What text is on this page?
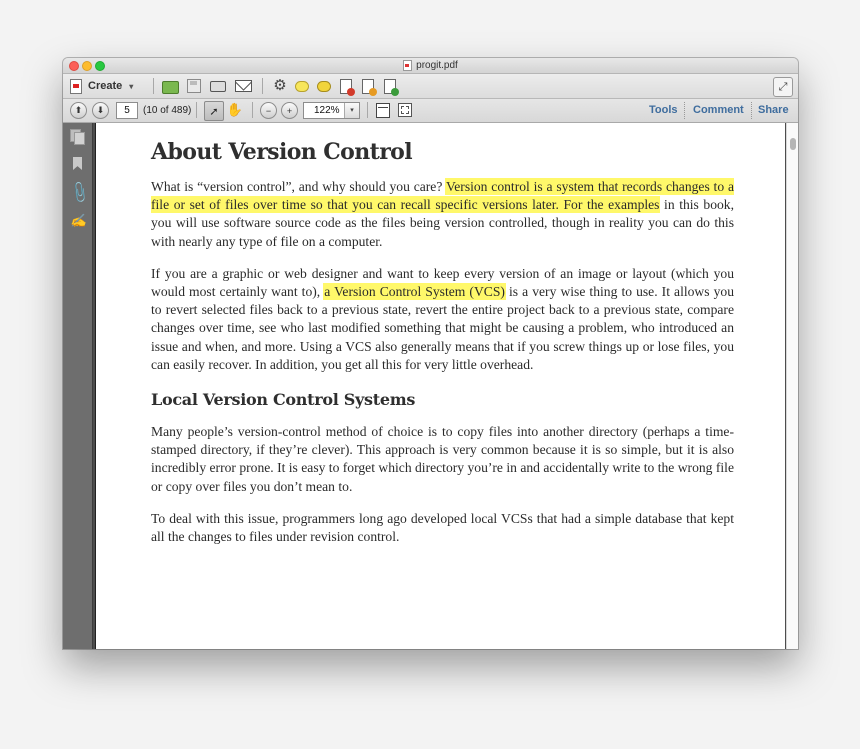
progit.pdf
Create ▾	⚙	⤢
⬆ ⬇	5	(10 of 489) ➚ ✋	− + 122%	▾	Tools Comment Share
📎
✍
About Version Control

What is “version control”, and why should you care? Version control is a system that records changes to a file or set of files over time so that you can recall specific versions later. For the examples in this book, you will use software source code as the files being version controlled, though in reality you can do this with nearly any type of file on a computer.

If you are a graphic or web designer and want to keep every version of an image or layout (which you would most certainly want to), a Version Control System (VCS) is a very wise thing to use. It allows you to revert selected files back to a previous state, revert the entire project back to a previous state, compare changes over time, see who last modified something that might be causing a problem, who introduced an issue and when, and more. Using a VCS also generally means that if you screw things up or lose files, you can easily recover. In addition, you get all this for very little overhead.

Local Version Control Systems

Many people’s version-control method of choice is to copy files into another directory (perhaps a time-stamped directory, if they’re clever). This approach is very common because it is so simple, but it is also incredibly error prone. It is easy to forget which directory you’re in and accidentally write to the wrong file or copy over files you don’t mean to.

To deal with this issue, programmers long ago developed local VCSs that had a simple database that kept all the changes to files under revision control.
